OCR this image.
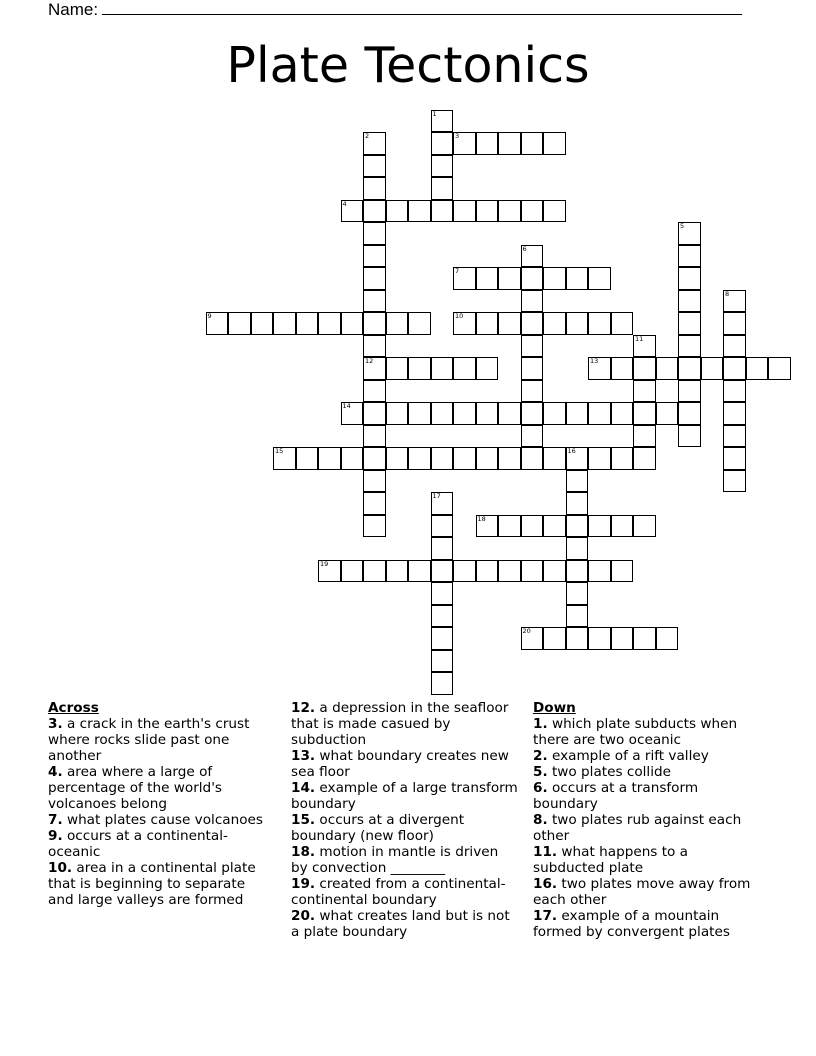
Name:
Plate Tectonics
1
2
12
3
4
5
6
7
8
9	10
11
13
14
15	16
17
18
19
20
Across
3. a crack in the earth's crust where rocks slide past one another
4. area where a large of percentage of the world's volcanoes belong
7. what plates cause volcanoes
9. occurs at a continental-oceanic
10. area in a continental plate that is beginning to separate and large valleys are formed
12. a depression in the seafloor that is made casued by subduction
13. what boundary creates new sea floor
14. example of a large transform boundary
15. occurs at a divergent boundary (new floor)
18. motion in mantle is driven by convection ________
19. created from a continental-continental boundary
20. what creates land but is not a plate boundary
Down
1. which plate subducts when there are two oceanic
2. example of a rift valley
5. two plates collide
6. occurs at a transform boundary
8. two plates rub against each other
11. what happens to a subducted plate
16. two plates move away from each other
17. example of a mountain formed by convergent plates
